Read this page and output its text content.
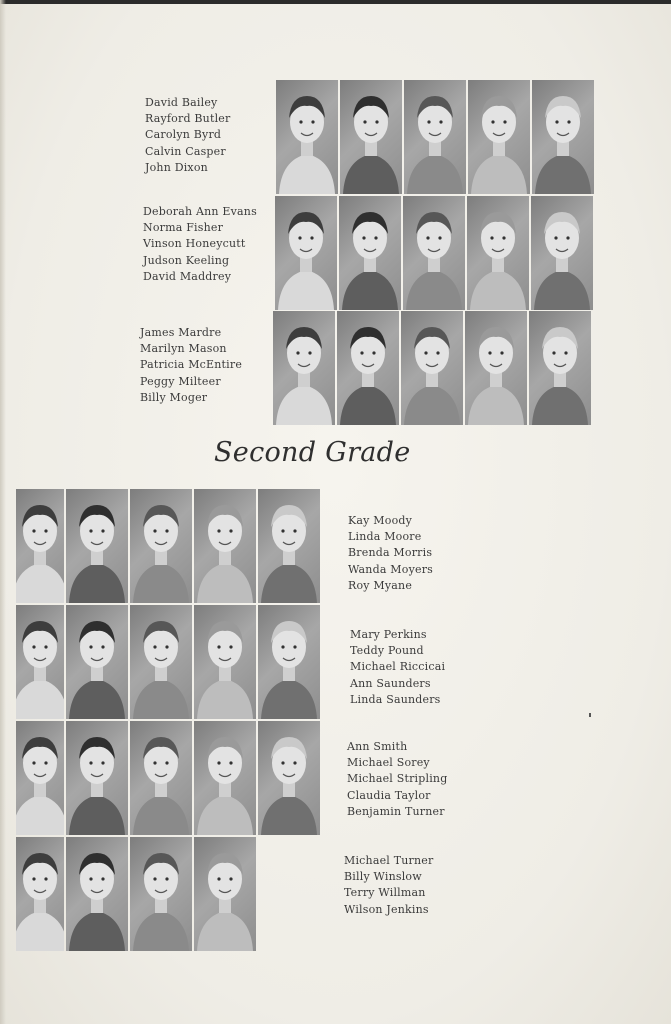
David Bailey
Rayford Butler
Carolyn Byrd
Calvin Casper
John Dixon
Deborah Ann Evans
Norma Fisher
Vinson Honeycutt
Judson Keeling
David Maddrey
James Mardre
Marilyn Mason
Patricia McEntire
Peggy Milteer
Billy Moger
Second Grade
Kay Moody
Linda Moore
Brenda Morris
Wanda Moyers
Roy Myane
Mary Perkins
Teddy Pound
Michael Riccicai
Ann Saunders
Linda Saunders
Ann Smith
Michael Sorey
Michael Stripling
Claudia Taylor
Benjamin Turner
Michael Turner
Billy Winslow
Terry Willman
Wilson Jenkins
